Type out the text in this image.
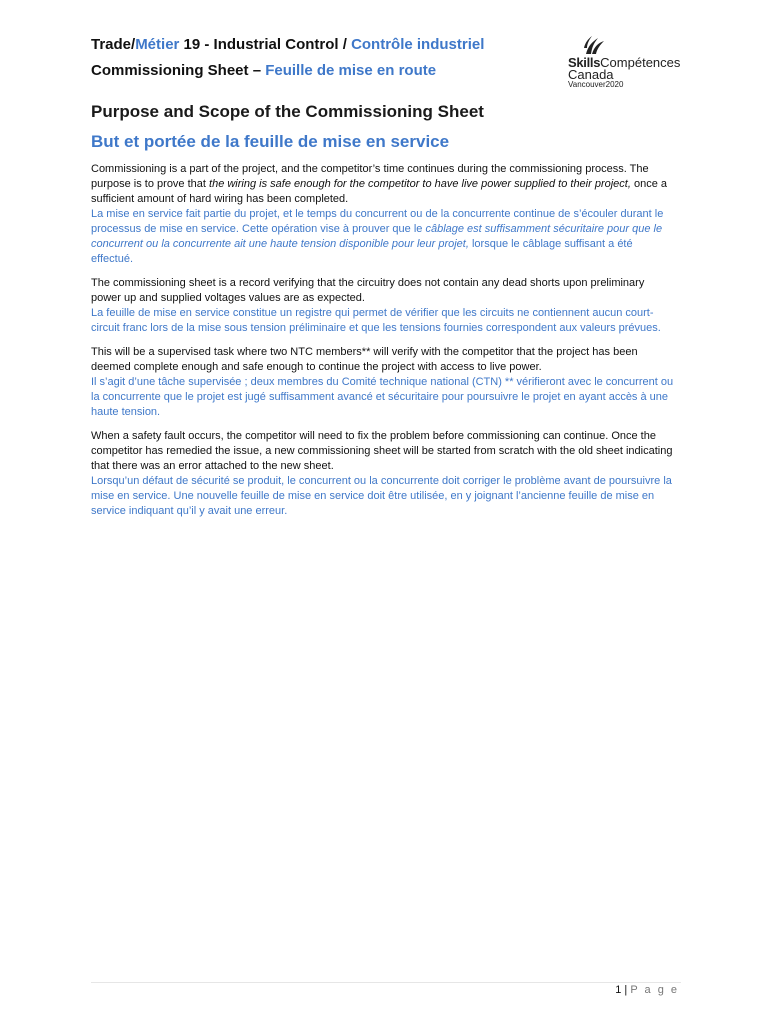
Trade/Métier 19 - Industrial Control / Contrôle industriel
Commissioning Sheet – Feuille de mise en route	SkillsCompétences
Canada
Vancouver2020
Purpose and Scope of the Commissioning Sheet
But et portée de la feuille de mise en service
Commissioning is a part of the project, and the competitor’s time continues during the commissioning process. The purpose is to prove that the wiring is safe enough for the competitor to have live power supplied to their project, once a sufficient amount of hard wiring has been completed.
La mise en service fait partie du projet, et le temps du concurrent ou de la concurrente continue de s’écouler durant le processus de mise en service. Cette opération vise à prouver que le câblage est suffisamment sécuritaire pour que le concurrent ou la concurrente ait une haute tension disponible pour leur projet, lorsque le câblage suffisant a été effectué.
The commissioning sheet is a record verifying that the circuitry does not contain any dead shorts upon preliminary power up and supplied voltages values are as expected.
La feuille de mise en service constitue un registre qui permet de vérifier que les circuits ne contiennent aucun court-circuit franc lors de la mise sous tension préliminaire et que les tensions fournies correspondent aux valeurs prévues.
This will be a supervised task where two NTC members** will verify with the competitor that the project has been deemed complete enough and safe enough to continue the project with access to live power.
Il s’agit d’une tâche supervisée ; deux membres du Comité technique national (CTN) ** vérifieront avec le concurrent ou la concurrente que le projet est jugé suffisamment avancé et sécuritaire pour poursuivre le projet en ayant accès à une haute tension.
When a safety fault occurs, the competitor will need to fix the problem before commissioning can continue. Once the competitor has remedied the issue, a new commissioning sheet will be started from scratch with the old sheet indicating that there was an error attached to the new sheet.
Lorsqu’un défaut de sécurité se produit, le concurrent ou la concurrente doit corriger le problème avant de poursuivre la mise en service. Une nouvelle feuille de mise en service doit être utilisée, en y joignant l’ancienne feuille de mise en service indiquant qu’il y avait une erreur.
1 | P a g e
